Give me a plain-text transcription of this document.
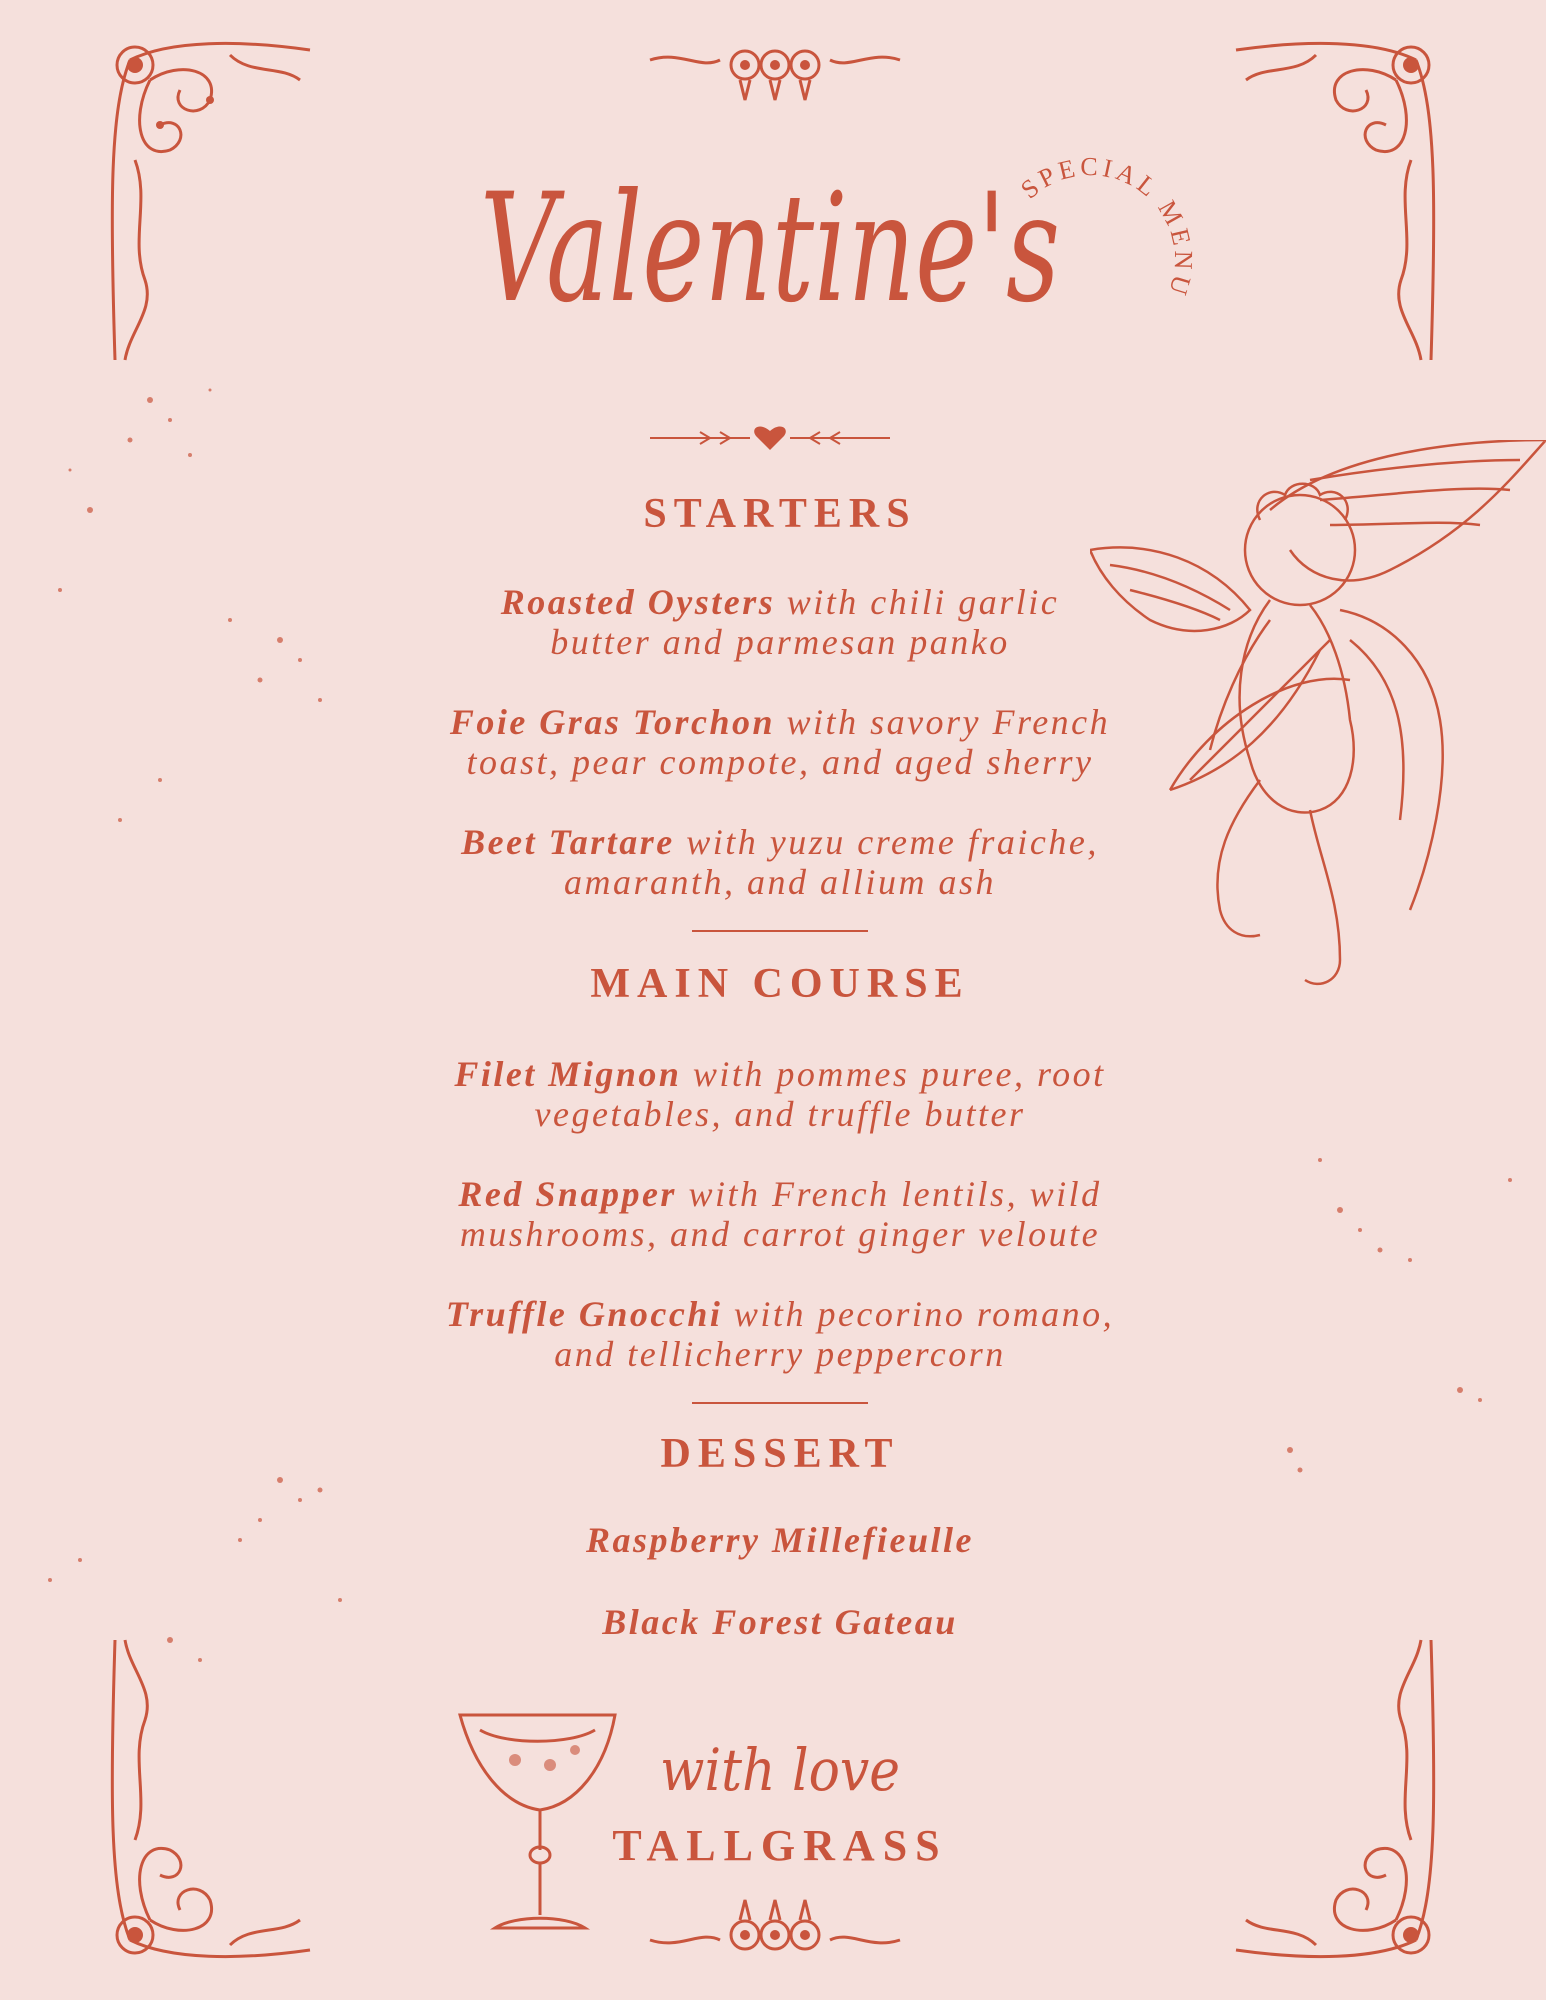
Valentine's
SPECIAL MENU
STARTERS

Roasted Oysters with chili garlic

butter and parmesan panko

Foie Gras Torchon with savory French

toast, pear compote, and aged sherry

Beet Tartare with yuzu creme fraiche,

amaranth, and allium ash

MAIN COURSE

Filet Mignon with pommes puree, root

vegetables, and truffle butter

Red Snapper with French lentils, wild

mushrooms, and carrot ginger veloute

Truffle Gnocchi with pecorino romano,

and tellicherry peppercorn

DESSERT

Raspberry Millefieulle

Black Forest Gateau

with love
TALLGRASS
